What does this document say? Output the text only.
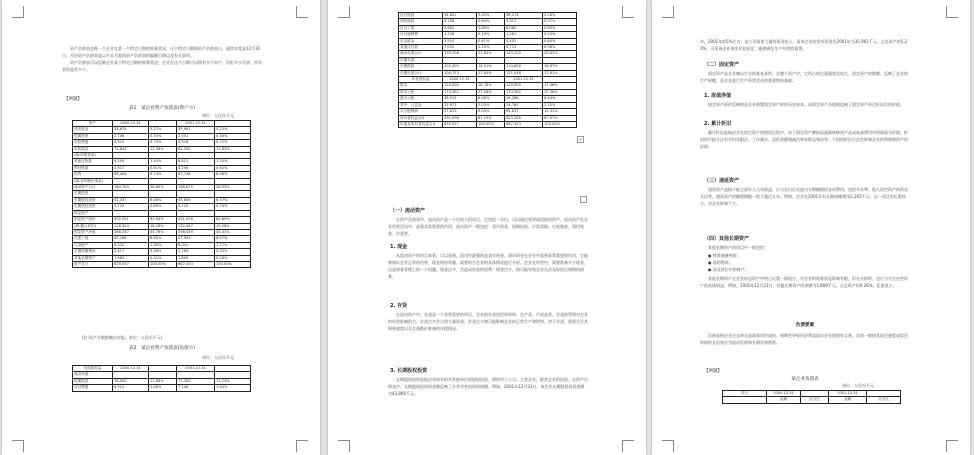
资产负债表也称一个企业在某一个特定日期的财务状况，这个特定日期即资产负债表日，通常年度是12月31日，月份资产负债表是以月末为准的资产负债表的编制日期以及有关事项。

资产负债表可以反映企业某个特定日期的财务状况，企业在这个日期可以拥有多少资产、负担多少负债，所有者权益有多少。

【例题】
表1　某企业资产负债表(资产方)
单位：人民币千元
资产	2000.12.31		2001.12.31	
货币资金	33,675	5.27%	35,961	5.23%
短期投资	2,106	0.33%	2,051	0.30%
应收票据	4,812	0.75%	4,918	0.72%
应收账款	72,643	11.36%	81,340	11.83%
(减:坏账准备)				
其他应收款	9,204	1.44%	8,611	1.25%
预付账款	3,917	0.61%	4,256	0.62%
存货	58,406	9.13%	61,738	8.98%
(减:存货跌价准备)				
流动资产合计	184,763	28.89%	198,875	28.93%
长期投资				
长期股权投资	41,337	6.46%	43,806	6.37%
长期债权投资	5,120	0.80%	5,120	0.74%
固定资产				
固定资产原价	402,551	62.94%	431,026	62.69%
(减:累计折旧)	116,304	18.18%	132,587	19.28%
固定资产净值	286,247	44.76%	298,439	43.41%
在建工程	42,186	6.60%	47,903	6.97%
无形资产	8,325	1.30%	8,041	1.17%
长期待摊费用	2,417	0.38%	2,265	0.33%
其他长期资产	1,962	0.31%	1,809	0.26%
资产总计	639,557	100.00%	687,453	100.00%
(注:资产方数据摘自年报，单位：人民币千元)
表2　某企业资产负债表(负债方)
单位：人民币千元
负债和权益	2000.12.31		2001.12.31	
流动负债				
短期借款	76,000	11.88%	77,300	11.24%
应付票据	6,912	1.08%	7,148	1.04%
应付账款	34,851	5.45%	36,274	5.28%
预收账款	4,106	0.64%	3,917	0.57%
应付工资	5,662	0.89%	6,085	0.89%
应付福利费	1,228	0.19%	1,281	0.19%
应交税金	3,914	0.61%	4,402	0.64%
其他应付款	7,035	1.10%	6,713	0.98%
流动负债合计	139,708	21.84%	143,120	20.82%
长期负债				
长期借款	102,400	16.01%	114,600	16.67%
长期负债合计	108,753	17.00%	121,048	17.61%
所有者权益	2000.12.31		2001.12.31	
股本	120,000	18.76%	120,000	17.46%
资本公积	174,362	27.26%	174,362	25.36%
盈余公积	38,915	6.08%	44,286	6.44%
其中：公益金	12,972	2.03%	14,762	2.15%
未分配利润	57,819	9.04%	84,637	12.31%
所有者权益合计	391,096	61.15%	423,285	61.57%
负债及所有者权益合计	639,557	100.00%	687,453	100.00%
+
（一）流动资产

在资产负债表中，流动资产是一个比较大的项目，它包括一年内，可以通过变现或消耗的资产。流动资产在企业经营活动中，起着非常重要的作用，流动资产一般包括：货币资金、短期投资、应收票据、应收账款、预付账款、存货等。

1. 现金

从流动资产的项目来看，可以看到，流动性最强的是货币资金，货币资金在企业中起到非常重要的作用，它能够保证企业正常的经营。现金的持有量，需要结合企业的具体情况进行分析。企业在经营中，需要准备多少现金，这是财务管理上的一个问题。现金过多，会造成资金的浪费；现金过少，则可能导致企业无法及时偿还到期的债务。

2. 存货

在流动资产中，存货是一个非常重要的项目，企业的存货包括原材料、在产品、产成品等。存货的管理对企业的经营影响很大，存货过多会占用大量资金，存货过少则可能影响企业的正常生产和销售。对于存货，需要关注其周转速度以及存货跌价准备的计提情况。

3. 长期股权投资

长期股权投资是指企业持有的对其他单位的股权投资，例如对子公司、合营企业、联营企业的投资，在资产负债表中，长期股权投资的金额反映了企业对外投资的规模，例如，2001年12月31日，该企业长期股权投资余额为43,806千元。

年，2001年的5%左右，某公司需要大量的资金投入，而该企业的货币资金在2001年为35,961千元，占总资产的5.23%，可见该企业现金比较充足，能够满足生产经营的需要。

（二）固定资产

固定资产是企业赖以生存的基本条件，在整个资产中，它所占的比重通常比较大，固定资产的数额，反映了企业的生产规模，是企业进行生产经营活动的重要物质基础。

1. 原值净值

固定资产原价反映的是企业购置固定资产时的历史成本，而固定资产净值则反映了固定资产经过折旧后的价值。

2. 累计折旧

累计折旧是指企业在固定资产的使用过程中，由于固定资产磨损而逐渐转移到产品成本或费用中的那部分价值，折旧的计提方法有平均年限法、工作量法、双倍余额递减法和年数总和法等，不同的折旧方法会影响企业的利润和资产的价值。

（三）递延资产

递延资产是指不能全部计入当年损益，应当在以后年度内分期摊销的各项费用，包括开办费、租入固定资产的改良支出等，递延资产的摊销期限一般不超过五年。例如，企业在2001年有长期待摊费用2,265千元，这一项目的比重较小，对企业影响不大。

（四）其他长期资产

其他长期资产的项目中一般包括：

● 特准储备物资；
● 冻结物资；
● 涉及诉讼中的财产。

其他长期资产在企业的总资产中所占比重一般较小，对企业的财务状况影响有限，但在分析时，也应当关注这些资产的具体情况，例如，2001年12月31日，其他长期资产的余额为1,809千元，占总资产的0.26%，比重很小。

负债要素

负债是指企业过去的交易或事项形成的、预期会导致经济利益流出企业的现时义务，负债一般按其偿还速度或偿还时间的长短划分为流动负债和长期负债两类。

【例题】
某企业负债表
单位：人民币千元
项目	2000.12.31		2001.12.31	
	金额	百分比	金额	百分比
